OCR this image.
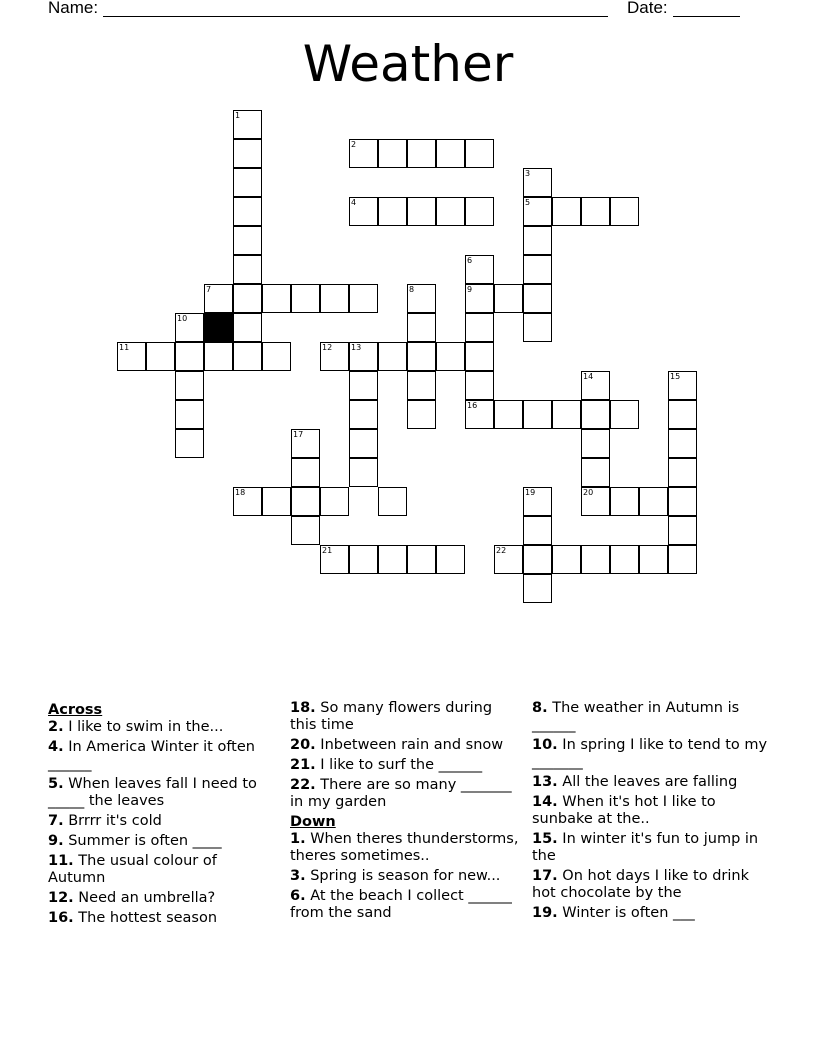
Name:	Date:
Weather
1
2
3
5
4
6
9
16
7	8
10
11	12 13
14
20
15
17
18	19
21	22
Across
2. I like to swim in the...
4. In America Winter it often ______
5. When leaves fall I need to _____ the leaves
7. Brrrr it's cold
9. Summer is often ____
11. The usual colour of Autumn
12. Need an umbrella?
16. The hottest season
18. So many flowers during this time
20. Inbetween rain and snow
21. I like to surf the ______
22. There are so many _______ in my garden
Down
1. When theres thunderstorms, theres sometimes..
3. Spring is season for new...
6. At the beach I collect ______ from the sand
8. The weather in Autumn is ______
10. In spring I like to tend to my _______
13. All the leaves are falling
14. When it's hot I like to sunbake at the..
15. In winter it's fun to jump in the
17. On hot days I like to drink hot chocolate by the
19. Winter is often ___
